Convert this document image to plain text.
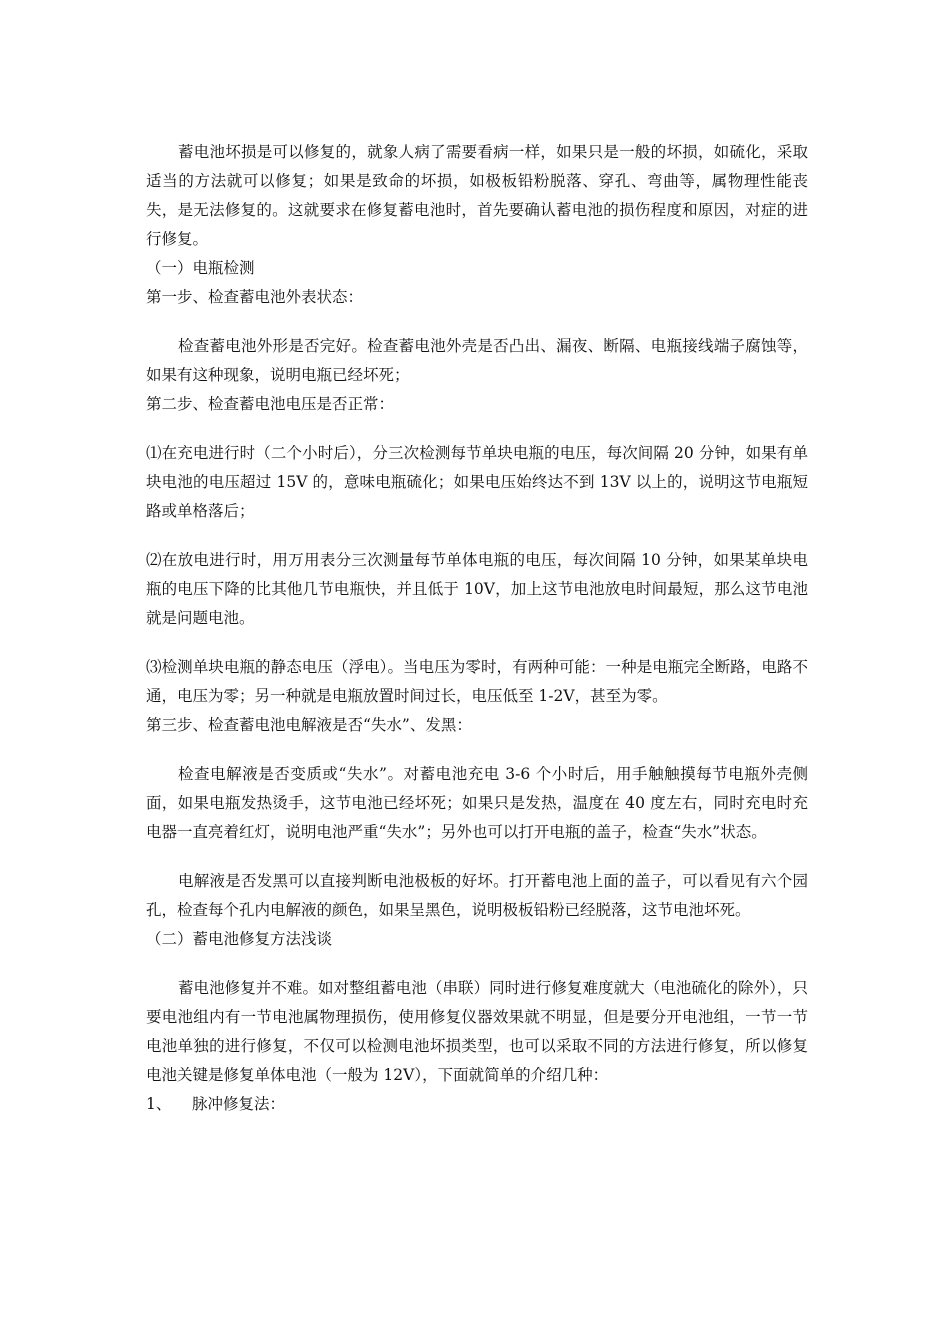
蓄电池坏损是可以修复的，就象人病了需要看病一样，如果只是一般的坏损，如硫化，采取适当的方法就可以修复；如果是致命的坏损，如极板铅粉脱落、穿孔、弯曲等，属物理性能丧失，是无法修复的。这就要求在修复蓄电池时，首先要确认蓄电池的损伤程度和原因，对症的进行修复。

（一）电瓶检测

第一步、检查蓄电池外表状态：

检查蓄电池外形是否完好。检查蓄电池外壳是否凸出、漏夜、断隔、电瓶接线端子腐蚀等，如果有这种现象，说明电瓶已经坏死；

第二步、检查蓄电池电压是否正常：

⑴在充电进行时（二个小时后），分三次检测每节单块电瓶的电压，每次间隔 20 分钟，如果有单块电池的电压超过 15V 的，意味电瓶硫化；如果电压始终达不到 13V 以上的，说明这节电瓶短路或单格落后；

⑵在放电进行时，用万用表分三次测量每节单体电瓶的电压，每次间隔 10 分钟，如果某单块电瓶的电压下降的比其他几节电瓶快，并且低于 10V，加上这节电池放电时间最短，那么这节电池就是问题电池。

⑶检测单块电瓶的静态电压（浮电）。当电压为零时，有两种可能：一种是电瓶完全断路，电路不通，电压为零；另一种就是电瓶放置时间过长，电压低至 1-2V，甚至为零。

第三步、检查蓄电池电解液是否“失水”、发黑：

检查电解液是否变质或“失水”。对蓄电池充电 3-6 个小时后，用手触触摸每节电瓶外壳侧面，如果电瓶发热烫手，这节电池已经坏死；如果只是发热，温度在 40 度左右，同时充电时充电器一直亮着红灯，说明电池严重“失水”；另外也可以打开电瓶的盖子，检查“失水”状态。

电解液是否发黑可以直接判断电池极板的好坏。打开蓄电池上面的盖子，可以看见有六个园孔，检查每个孔内电解液的颜色，如果呈黑色，说明极板铅粉已经脱落，这节电池坏死。

（二）蓄电池修复方法浅谈

蓄电池修复并不难。如对整组蓄电池（串联）同时进行修复难度就大（电池硫化的除外），只要电池组内有一节电池属物理损伤，使用修复仪器效果就不明显，但是要分开电池组，一节一节电池单独的进行修复，不仅可以检测电池坏损类型，也可以采取不同的方法进行修复，所以修复电池关键是修复单体电池（一般为 12V），下面就简单的介绍几种：

1、 脉冲修复法：
